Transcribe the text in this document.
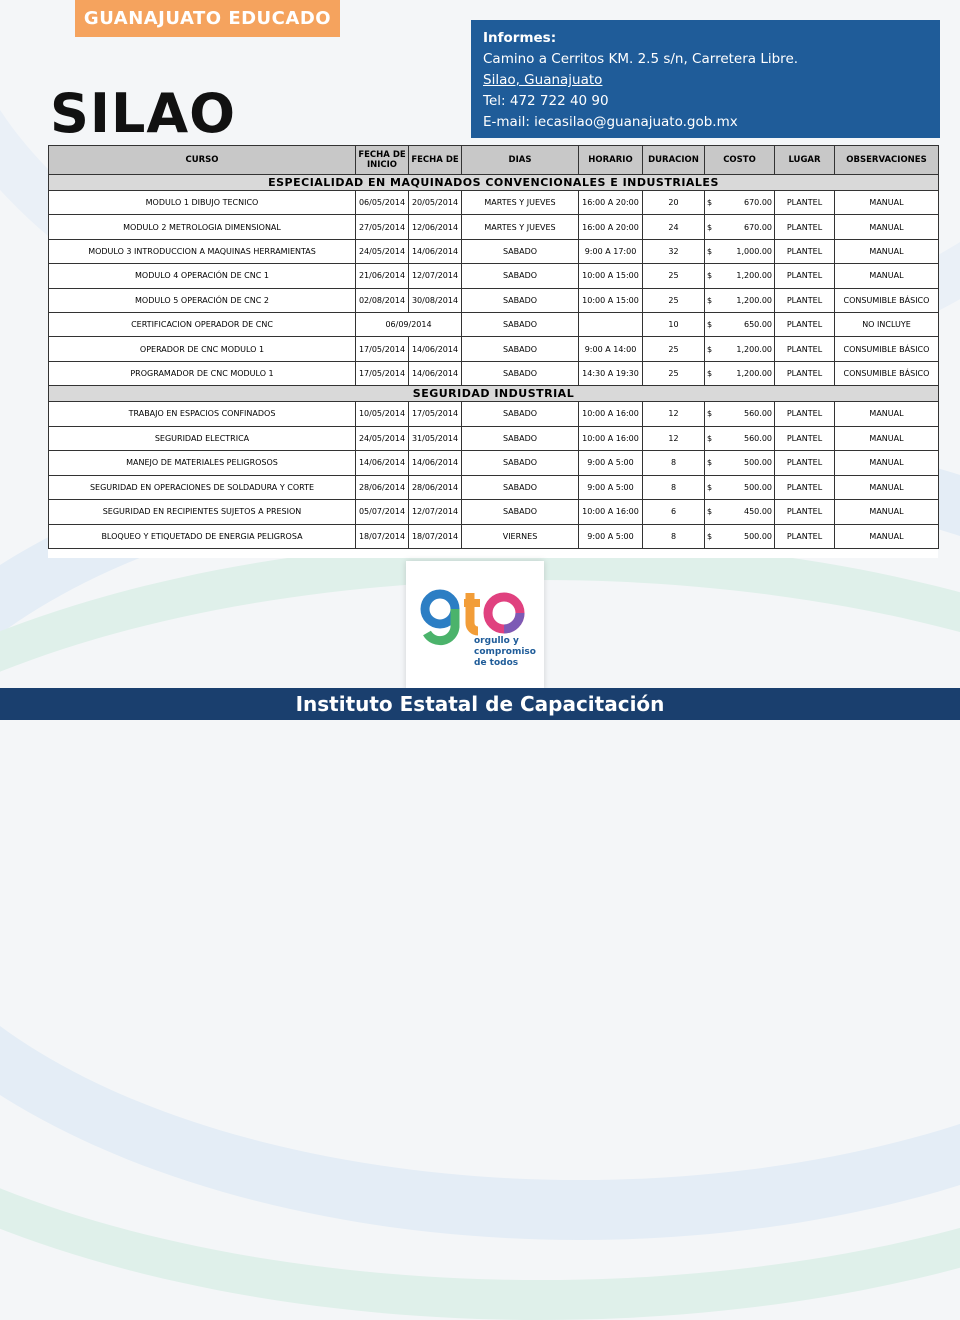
GUANAJUATO EDUCADO
SILAO
Informes:
Camino a Cerritos KM. 2.5 s/n, Carretera Libre.
Silao, Guanajuato
Tel: 472 722 40 90
E-mail: iecasilao@guanajuato.gob.mx
CURSO	FECHA DE INICIO	FECHA DE	DIAS	HORARIO	DURACION	COSTO	LUGAR	OBSERVACIONES
ESPECIALIDAD EN MAQUINADOS CONVENCIONALES E INDUSTRIALES								
MODULO 1 DIBUJO TECNICO	06/05/2014	20/05/2014	MARTES Y JUEVES	16:00 A 20:00	20	$ 670.00	PLANTEL	MANUAL
MODULO 2 METROLOGIA DIMENSIONAL	27/05/2014	12/06/2014	MARTES Y JUEVES	16:00 A 20:00	24	$ 670.00	PLANTEL	MANUAL
MODULO 3 INTRODUCCION A MAQUINAS HERRAMIENTAS	24/05/2014	14/06/2014	SABADO	9:00 A 17:00	32	$ 1,000.00	PLANTEL	MANUAL
MODULO 4 OPERACIÓN DE CNC 1	21/06/2014	12/07/2014	SABADO	10:00 A 15:00	25	$ 1,200.00	PLANTEL	MANUAL
MODULO 5 OPERACIÓN DE CNC 2	02/08/2014	30/08/2014	SABADO	10:00 A 15:00	25	$ 1,200.00	PLANTEL	CONSUMIBLE BÁSICO
CERTIFICACION OPERADOR DE CNC	06/09/2014		SABADO		10	$ 650.00	PLANTEL	NO INCLUYE
OPERADOR DE CNC MODULO 1	17/05/2014	14/06/2014	SABADO	9:00 A 14:00	25	$ 1,200.00	PLANTEL	CONSUMIBLE BÁSICO
PROGRAMADOR DE CNC MODULO 1	17/05/2014	14/06/2014	SABADO	14:30 A 19:30	25	$ 1,200.00	PLANTEL	CONSUMIBLE BÁSICO
SEGURIDAD INDUSTRIAL								
TRABAJO EN ESPACIOS CONFINADOS	10/05/2014	17/05/2014	SABADO	10:00 A 16:00	12	$ 560.00	PLANTEL	MANUAL
SEGURIDAD ELECTRICA	24/05/2014	31/05/2014	SABADO	10:00 A 16:00	12	$ 560.00	PLANTEL	MANUAL
MANEJO DE MATERIALES PELIGROSOS	14/06/2014	14/06/2014	SABADO	9:00 A 5:00	8	$ 500.00	PLANTEL	MANUAL
SEGURIDAD EN OPERACIONES DE SOLDADURA Y CORTE	28/06/2014	28/06/2014	SABADO	9:00 A 5:00	8	$ 500.00	PLANTEL	MANUAL
SEGURIDAD EN RECIPIENTES SUJETOS A PRESION	05/07/2014	12/07/2014	SABADO	10:00 A 16:00	6	$ 450.00	PLANTEL	MANUAL
BLOQUEO Y ETIQUETADO DE ENERGIA PELIGROSA	18/07/2014	18/07/2014	VIERNES	9:00 A 5:00	8	$ 500.00	PLANTEL	MANUAL
orgullo y
compromiso
de todos
Instituto Estatal de Capacitación
